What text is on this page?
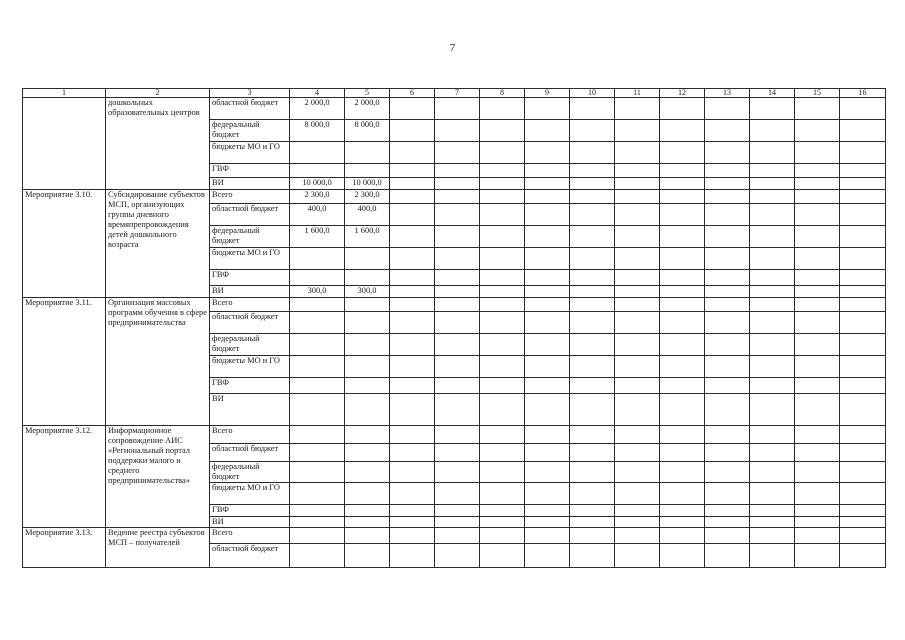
7
1	2	3	4	5	6	7	8	9	10	11	12	13	14	15	16
	дошкольных образовательных центров	областной бюджет	2 000,0	2 000,0											
		федеральный бюджет	8 000,0	8 000,0											
		бюджеты МО и ГО													
		ГВФ													
		ВИ	10 000,0	10 000,0											
Мероприятие 3.10.	Субсидирование субъектов МСП, организующих группы дневного времяпрепровождения детей дошкольного возраста	Всего	2 300,0	2 300,0											
		областной бюджет	400,0	400,0											
		федеральный бюджет	1 600,0	1 600,0											
		бюджеты МО и ГО													
		ГВФ													
		ВИ	300,0	300,0											
Мероприятие 3.11.	Организация массовых программ обучения в сфере предпринимательства	Всего													
		областной бюджет													
		федеральный бюджет													
		бюджеты МО и ГО													
		ГВФ													
		ВИ													
Мероприятие 3.12.	Информационное сопровождение АИС «Региональный портал поддержки малого и среднего предпринимательства»	Всего													
		областной бюджет													
		федеральный бюджет													
		бюджеты МО и ГО													
		ГВФ													
		ВИ													
Мероприятие 3.13.	Ведение реестра субъектов МСП – получателей	Всего													
		областной бюджет													
